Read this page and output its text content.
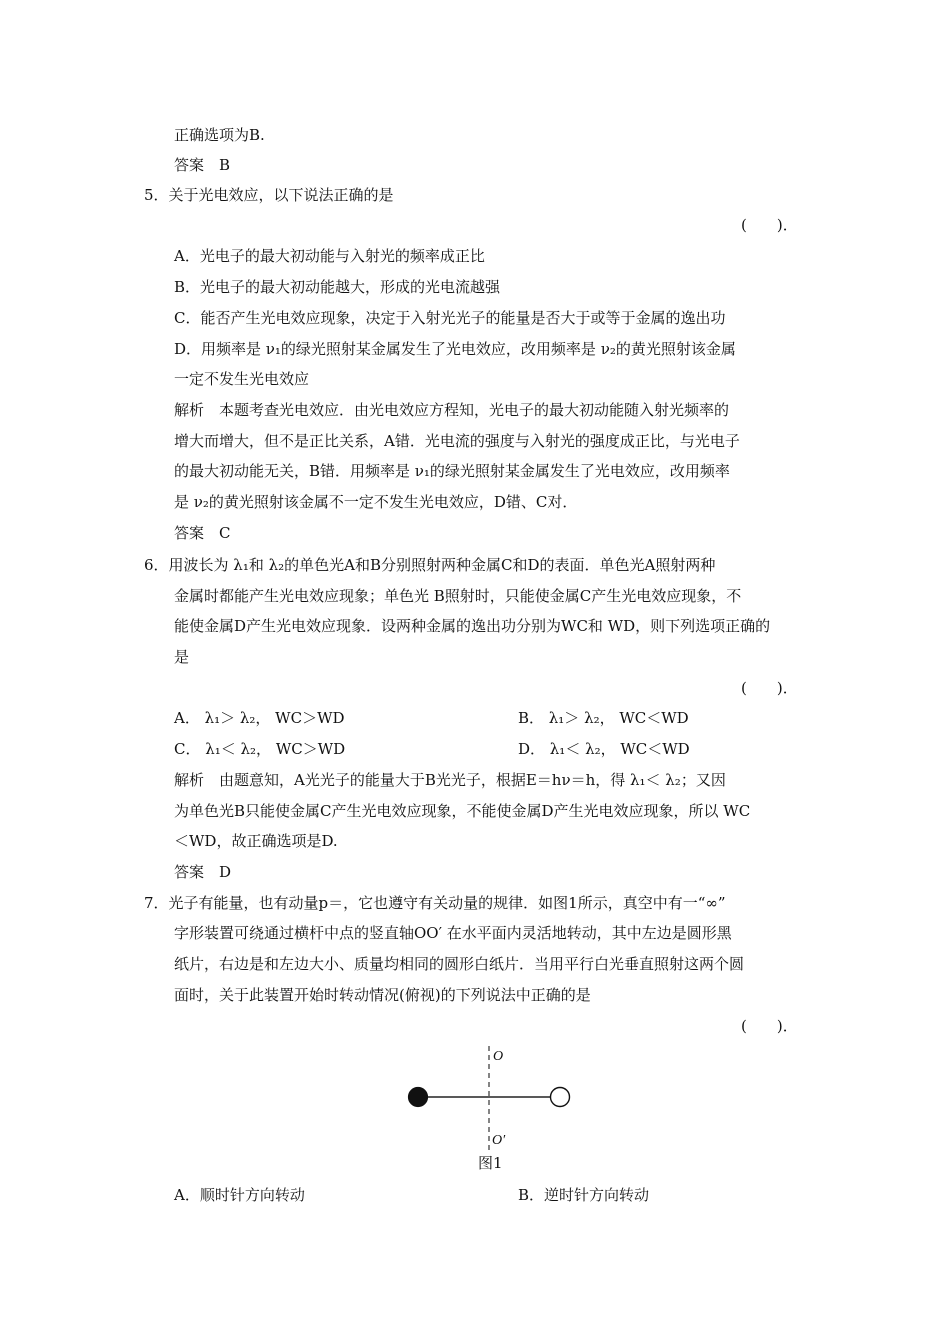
正确选项为B.
答案　B
5．关于光电效应，以下说法正确的是
(　　)．
A．光电子的最大初动能与入射光的频率成正比
B．光电子的最大初动能越大，形成的光电流越强
C．能否产生光电效应现象，决定于入射光光子的能量是否大于或等于金属的逸出功
D．用频率是 ν₁的绿光照射某金属发生了光电效应，改用频率是 ν₂的黄光照射该金属
一定不发生光电效应
解析　本题考查光电效应．由光电效应方程知，光电子的最大初动能随入射光频率的
增大而增大，但不是正比关系，A错．光电流的强度与入射光的强度成正比，与光电子
的最大初动能无关，B错．用频率是 ν₁的绿光照射某金属发生了光电效应，改用频率
是 ν₂的黄光照射该金属不一定不发生光电效应，D错、C对．
答案　C
6．用波长为 λ₁和 λ₂的单色光A和B分别照射两种金属C和D的表面．单色光A照射两种
金属时都能产生光电效应现象；单色光 B照射时，只能使金属C产生光电效应现象，不
能使金属D产生光电效应现象．设两种金属的逸出功分别为WC和 WD，则下列选项正确的
是
(　　)．
A． λ₁＞ λ₂， WC＞WD	B． λ₁＞ λ₂， WC＜WD
C． λ₁＜ λ₂， WC＞WD	D． λ₁＜ λ₂， WC＜WD
解析　由题意知，A光光子的能量大于B光光子，根据E＝hν＝h，得 λ₁＜ λ₂；又因
为单色光B只能使金属C产生光电效应现象，不能使金属D产生光电效应现象，所以 WC
＜WD，故正确选项是D.
答案　D
7．光子有能量，也有动量p＝，它也遵守有关动量的规律．如图1所示，真空中有一“∞”
字形装置可绕通过横杆中点的竖直轴OO′ 在水平面内灵活地转动，其中左边是圆形黑
纸片，右边是和左边大小、质量均相同的圆形白纸片．当用平行白光垂直照射这两个圆
面时，关于此装置开始时转动情况(俯视)的下列说法中正确的是
(　　)．
O
O′
图1
A．顺时针方向转动	B．逆时针方向转动
